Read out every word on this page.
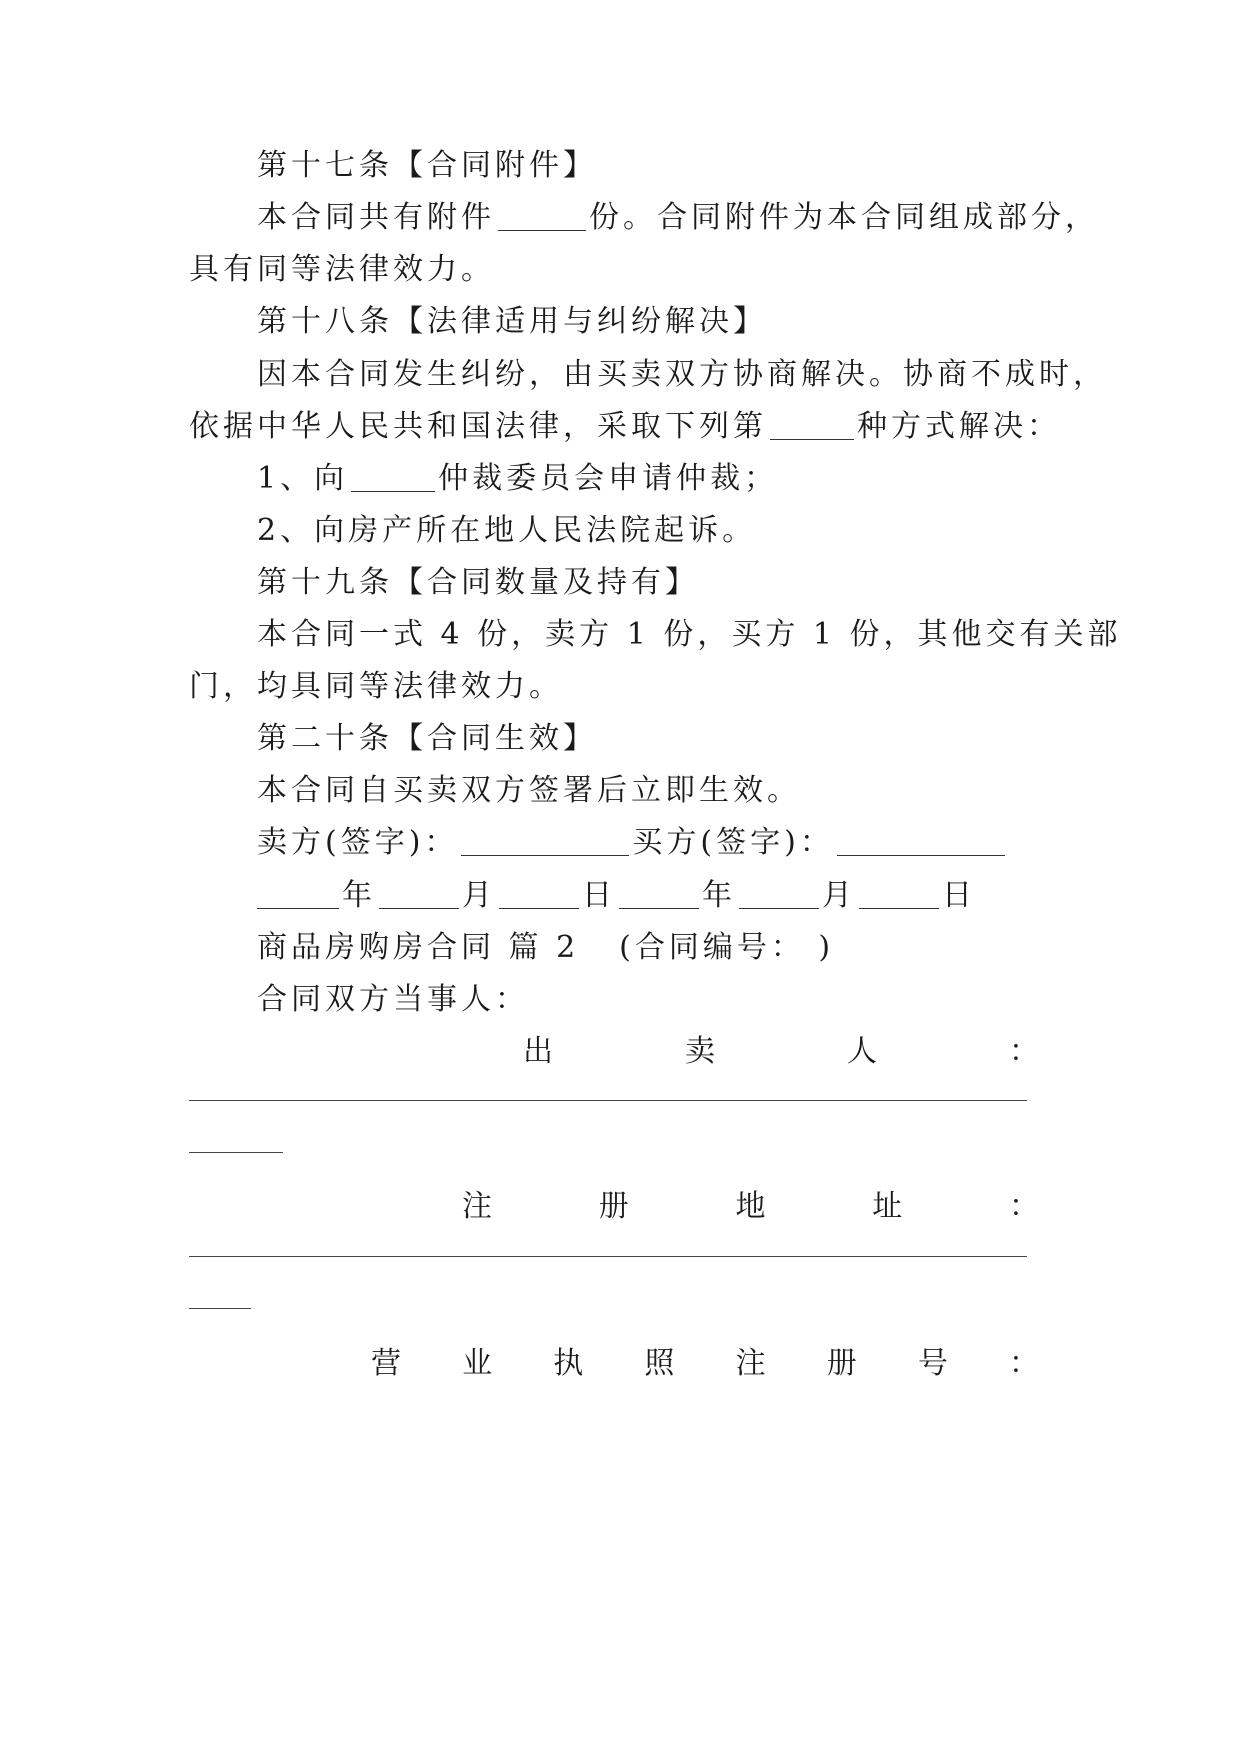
第十七条【合同附件】
本合同共有附件	份。合同附件为本合同组成部分，
具有同等法律效力。
第十八条【法律适用与纠纷解决】
因本合同发生纠纷，由买卖双方协商解决。协商不成时，
依据中华人民共和国法律，采取下列第	种方式解决：
1、向	仲裁委员会申请仲裁；
2、向房产所在地人民法院起诉。
第十九条【合同数量及持有】
本合同一式 4 份，卖方 1 份，买方 1 份，其他交有关部
门，均具同等法律效力。
第二十条【合同生效】
本合同自买卖双方签署后立即生效。
卖方(签字)：	买方(签字)：
年	月	日	年	月	日
商品房购房合同 篇 2 (合同编号： )
合同双方当事人：
出	卖	人	：
注	册	地	址	：
营 业 执 照 注 册 号 ：
